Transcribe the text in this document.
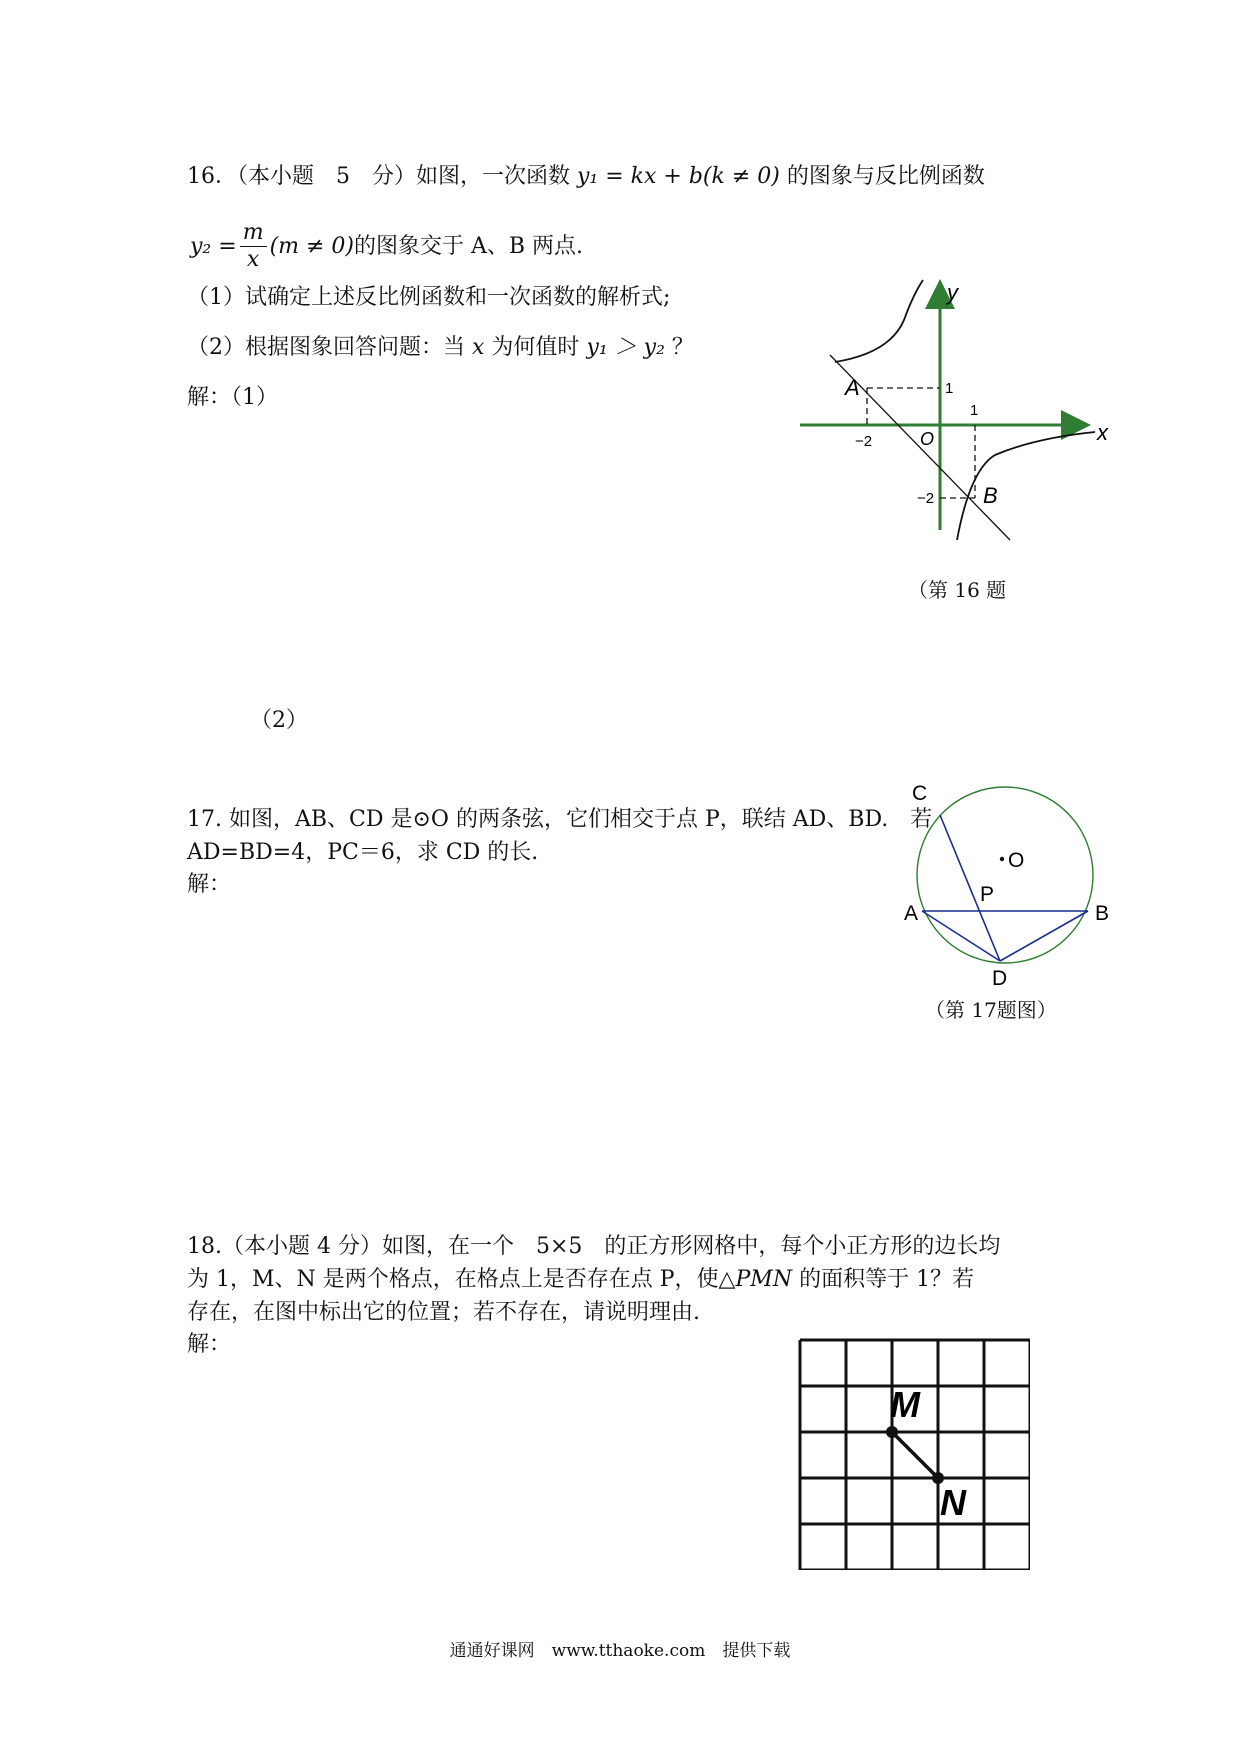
16．（本小题　5　分）如图，一次函数 y₁ = kx + b(k ≠ 0) 的图象与反比例函数
$y_2 = \frac{m}{x} (m \ne 0)$ 的图象交于 A、B 两点.
（1）试确定上述反比例函数和一次函数的解析式;
（2）根据图象回答问题：当 x 为何值时 y₁ ＞ y₂ ？
解：（1）
（2）
y
x
O
A
B
−2
1
1
−2
（第 16 题
17. 如图，AB、CD 是⊙O 的两条弦，它们相交于点 P，联结 AD、BD.　若
AD=BD=4，PC＝6，求 CD 的长.
解：
O
C
P
A	B
D
（第 17题图）
18.（本小题 4 分）如图，在一个　5×5　的正方形网格中，每个小正方形的边长均
为 1，M、N 是两个格点，在格点上是否存在点 P，使△PMN 的面积等于 1？若
存在，在图中标出它的位置；若不存在，请说明理由.
解：
M
N
通通好课网　www.tthaoke.com　提供下载
